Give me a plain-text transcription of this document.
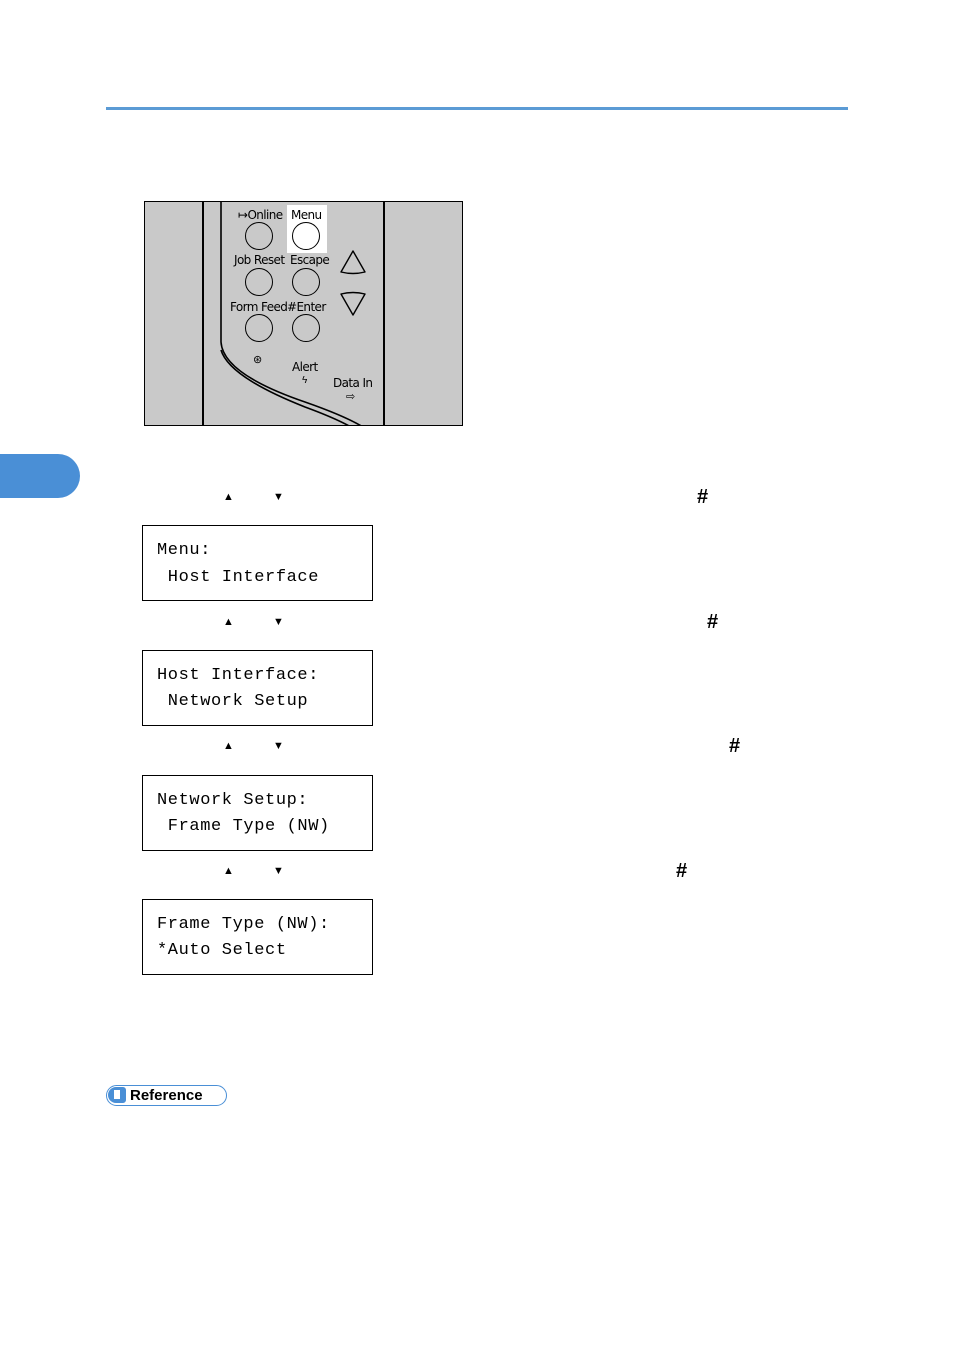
↦Online Menu
Job Reset Escape
Form Feed #Enter
⊛ Alert
ϟ Data In
⇨
▲	▼	#
Menu:
Host Interface
▲	▼	#
Host Interface:
Network Setup
▲	▼	#
Network Setup:
Frame Type (NW)
▲	▼	#
Frame Type (NW):
*Auto Select
Reference
